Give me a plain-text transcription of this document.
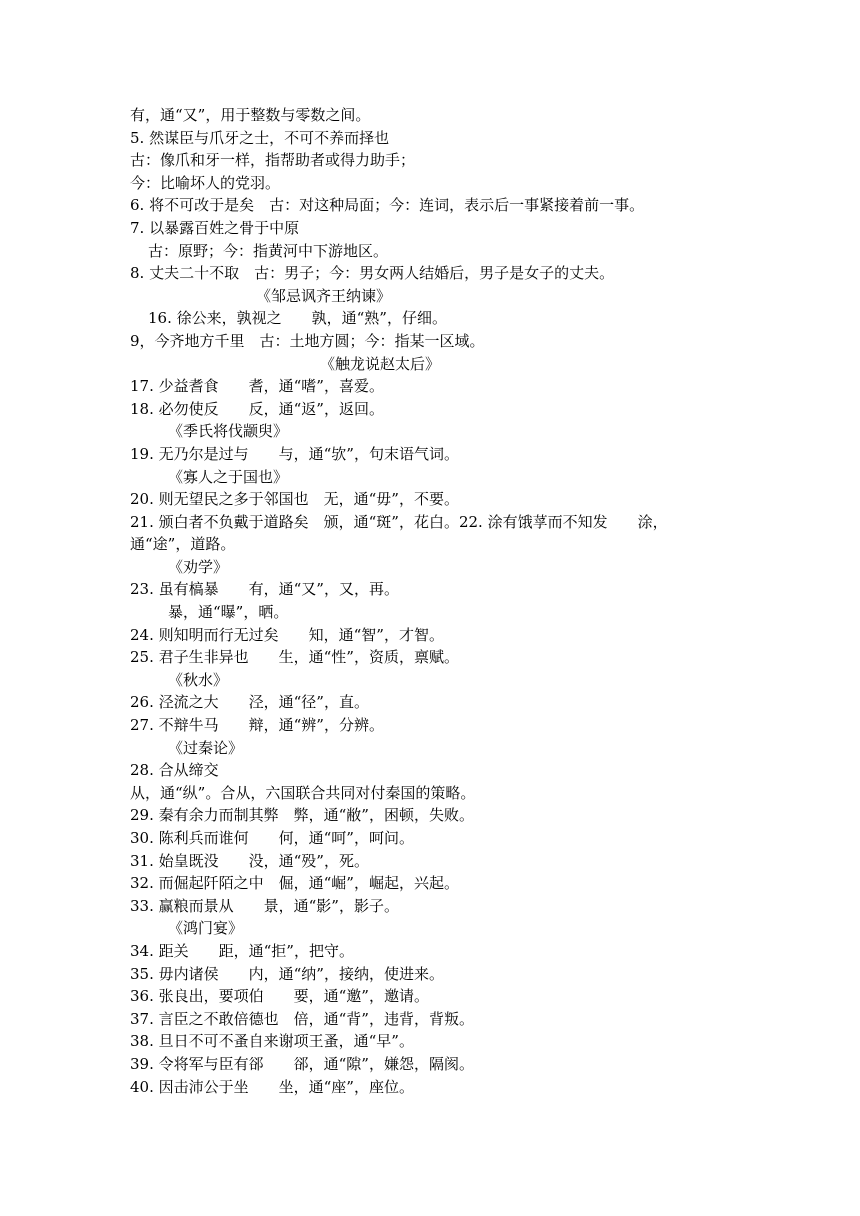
有，通“又”，用于整数与零数之间。
5. 然谋臣与爪牙之士，不可不养而择也
古：像爪和牙一样，指帮助者或得力助手；
今：比喻坏人的党羽。
6. 将不可改于是矣　古：对这种局面；今：连词，表示后一事紧接着前一事。
7. 以暴露百姓之骨于中原
古：原野；今：指黄河中下游地区。
8. 丈夫二十不取　古：男子；今：男女两人结婚后，男子是女子的丈夫。
《邹忌讽齐王纳谏》
16. 徐公来，孰视之　　孰，通“熟”，仔细。
9，今齐地方千里　古：土地方圆；今：指某一区域。
《触龙说赵太后》
17. 少益耆食　　耆，通“嗜”，喜爱。
18. 必勿使反　　反，通“返”，返回。
《季氏将伐颛臾》
19. 无乃尔是过与　　与，通“欤”，句末语气词。
《寡人之于国也》
20. 则无望民之多于邻国也　无，通“毋”，不要。
21. 颁白者不负戴于道路矣　颁，通“斑”，花白。22. 涂有饿莩而不知发　　涂，
通“途”，道路。
《劝学》
23. 虽有槁暴　　有，通“又”，又，再。
暴，通“曝”，晒。
24. 则知明而行无过矣　　知，通“智”，才智。
25. 君子生非异也　　生，通“性”，资质，禀赋。
《秋水》
26. 泾流之大　　泾，通“径”，直。
27. 不辩牛马　　辩，通“辨”，分辨。
《过秦论》
28. 合从缔交
从，通“纵”。合从，六国联合共同对付秦国的策略。
29. 秦有余力而制其弊　弊，通“敝”，困顿，失败。
30. 陈利兵而谁何　　何，通“呵”，呵问。
31. 始皇既没　　没，通“殁”，死。
32. 而倔起阡陌之中　倔，通“崛”，崛起，兴起。
33. 赢粮而景从　　景，通“影”，影子。
《鸿门宴》
34. 距关　　距，通“拒”，把守。
35. 毋内诸侯　　内，通“纳”，接纳，使进来。
36. 张良出，要项伯　　要，通“邀”，邀请。
37. 言臣之不敢倍德也　倍，通“背”，违背，背叛。
38. 旦日不可不蚤自来谢项王蚤，通“早”。
39. 令将军与臣有郤　　郤，通“隙”，嫌怨，隔阂。
40. 因击沛公于坐　　坐，通“座”，座位。
